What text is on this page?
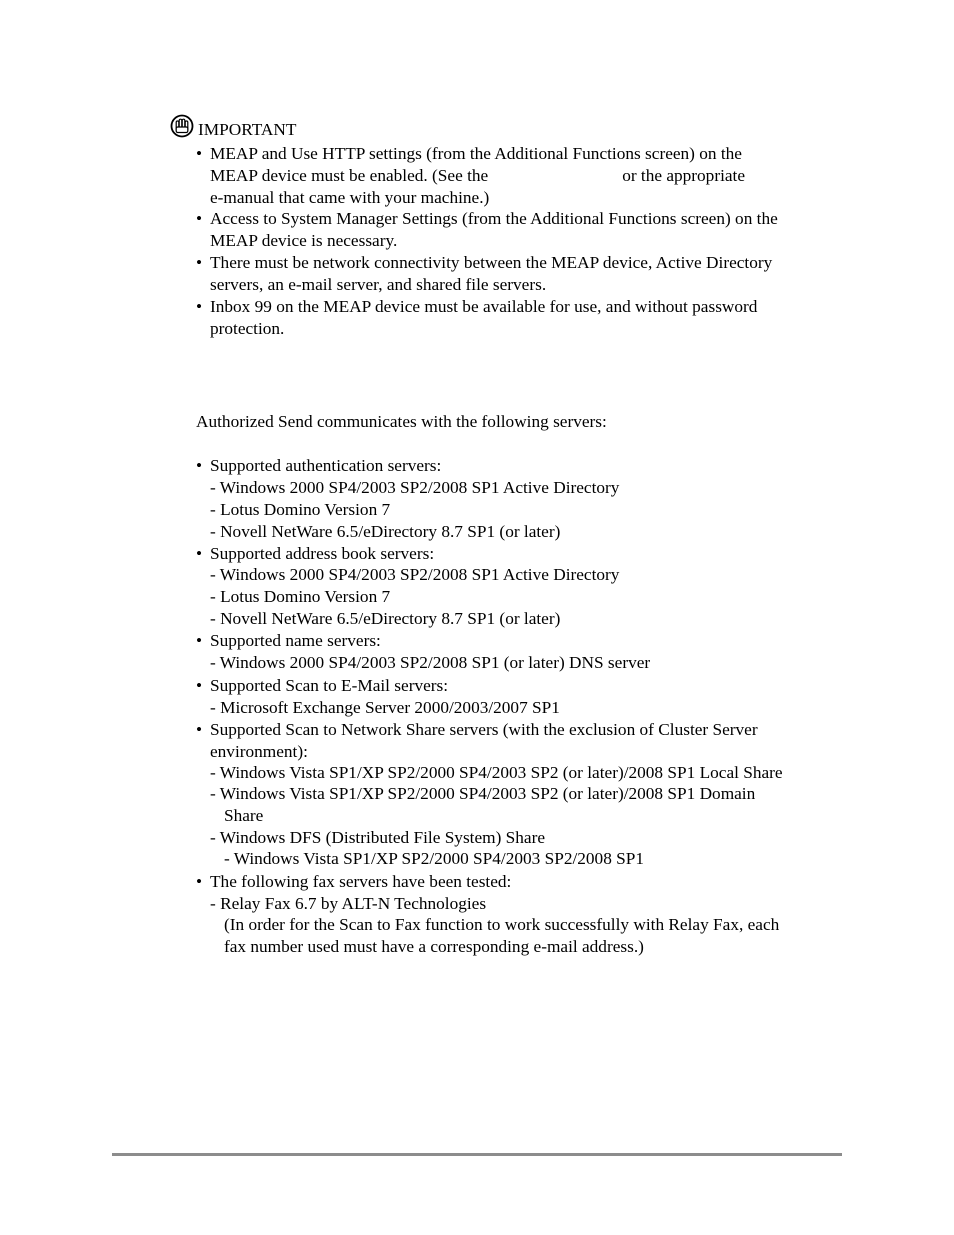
IMPORTANT
• MEAP and Use HTTP settings (from the Additional Functions screen) on the
MEAP device must be enabled. (See the	or the appropriate
e-manual that came with your machine.)
• Access to System Manager Settings (from the Additional Functions screen) on the
MEAP device is necessary.
• There must be network connectivity between the MEAP device, Active Directory
servers, an e-mail server, and shared file servers.
• Inbox 99 on the MEAP device must be available for use, and without password
protection.
Authorized Send communicates with the following servers:
• Supported authentication servers:
- Windows 2000 SP4/2003 SP2/2008 SP1 Active Directory
- Lotus Domino Version 7
- Novell NetWare 6.5/eDirectory 8.7 SP1 (or later)
• Supported address book servers:
- Windows 2000 SP4/2003 SP2/2008 SP1 Active Directory
- Lotus Domino Version 7
- Novell NetWare 6.5/eDirectory 8.7 SP1 (or later)
• Supported name servers:
- Windows 2000 SP4/2003 SP2/2008 SP1 (or later) DNS server
• Supported Scan to E-Mail servers:
- Microsoft Exchange Server 2000/2003/2007 SP1
• Supported Scan to Network Share servers (with the exclusion of Cluster Server
environment):
- Windows Vista SP1/XP SP2/2000 SP4/2003 SP2 (or later)/2008 SP1 Local Share
- Windows Vista SP1/XP SP2/2000 SP4/2003 SP2 (or later)/2008 SP1 Domain
Share
- Windows DFS (Distributed File System) Share
- Windows Vista SP1/XP SP2/2000 SP4/2003 SP2/2008 SP1
• The following fax servers have been tested:
- Relay Fax 6.7 by ALT-N Technologies
(In order for the Scan to Fax function to work successfully with Relay Fax, each
fax number used must have a corresponding e-mail address.)
